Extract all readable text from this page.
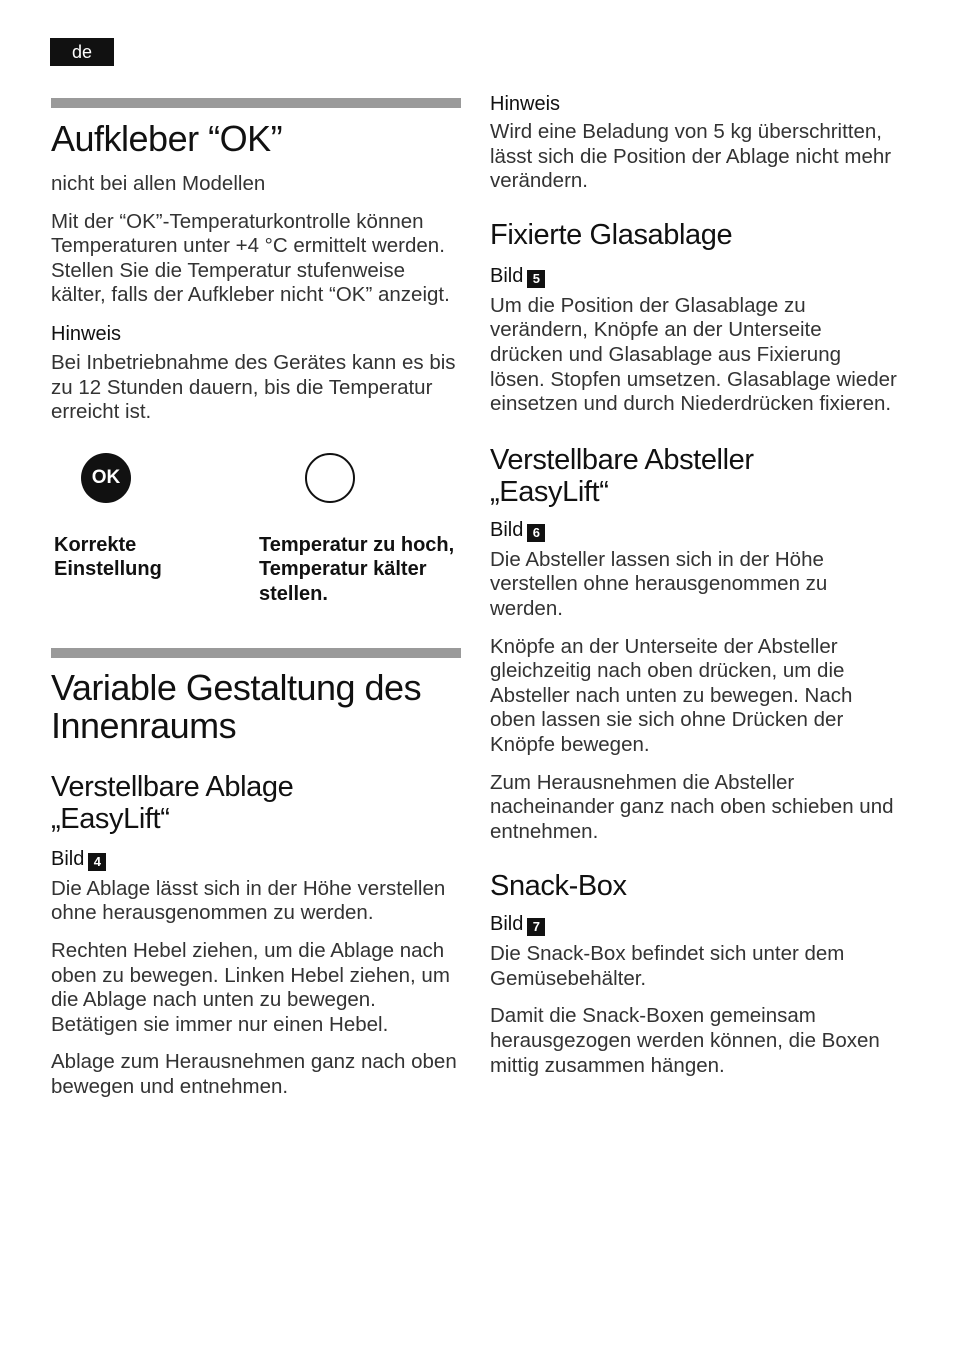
de
Aufkleber “OK”

nicht bei allen Modellen

Mit der “OK”-Temperaturkontrolle können Temperaturen unter +4 °C ermittelt werden. Stellen Sie die Temperatur stufenweise kälter, falls der Aufkleber nicht “OK” anzeigt.

Hinweis

Bei Inbetriebnahme des Gerätes kann es bis zu 12 Stunden dauern, bis die Temperatur erreicht ist.

OK
Korrekte Einstellung
Temperatur zu hoch, Temperatur kälter stellen.
Variable Gestaltung des Innenraums
Verstellbare Ablage „EasyLift“
Bild 4

Die Ablage lässt sich in der Höhe verstellen ohne herausgenommen zu werden.

Rechten Hebel ziehen, um die Ablage nach oben zu bewegen. Linken Hebel ziehen, um die Ablage nach unten zu bewegen. Betätigen sie immer nur einen Hebel.

Ablage zum Herausnehmen ganz nach oben bewegen und entnehmen.

Hinweis

Wird eine Beladung von 5 kg überschritten, lässt sich die Position der Ablage nicht mehr verändern.

Fixierte Glasablage
Bild 5

Um die Position der Glasablage zu verändern, Knöpfe an der Unterseite drücken und Glasablage aus Fixierung lösen. Stopfen umsetzen. Glasablage wieder einsetzen und durch Niederdrücken fixieren.

Verstellbare Absteller „EasyLift“
Bild 6

Die Absteller lassen sich in der Höhe verstellen ohne herausgenommen zu werden.

Knöpfe an der Unterseite der Absteller gleichzeitig nach oben drücken, um die Absteller nach unten zu bewegen. Nach oben lassen sie sich ohne Drücken der Knöpfe bewegen.

Zum Herausnehmen die Absteller nacheinander ganz nach oben schieben und entnehmen.

Snack-Box
Bild 7

Die Snack-Box befindet sich unter dem Gemüsebehälter.

Damit die Snack-Boxen gemeinsam herausgezogen werden können, die Boxen mittig zusammen hängen.
